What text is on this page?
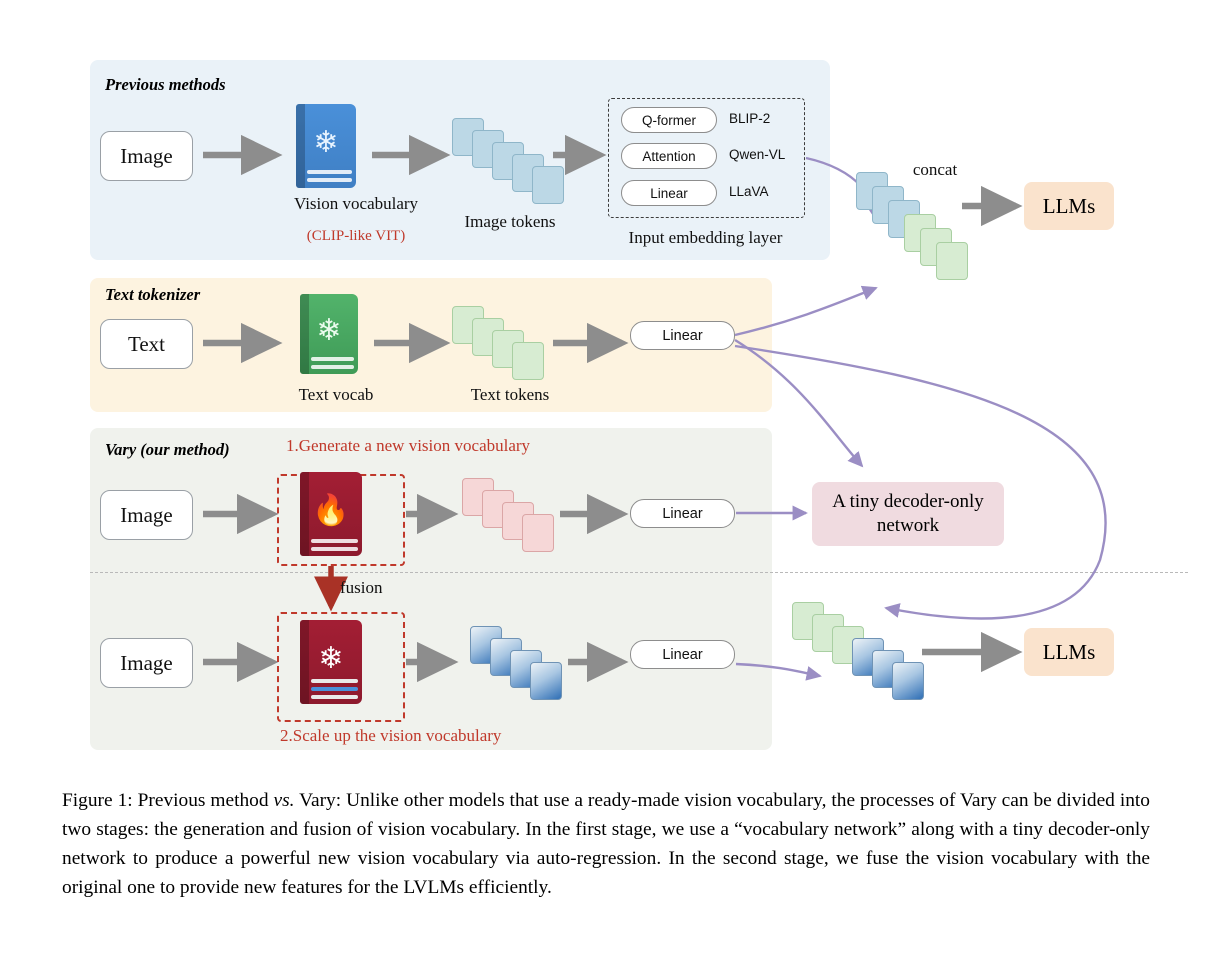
Previous methods
Text tokenizer
Vary (our method)
Image
Text
Image
Image
❄
❄
🔥
❄
Q-former
Attention
Linear
BLIP-2
Qwen-VL
LLaVA
Linear
Linear
Linear
Vision vocabulary
(CLIP-like VIT)
Image tokens
Input embedding layer
Text vocab	Text tokens
concat
fusion
1.Generate a new vision vocabulary
2.Scale up the vision vocabulary
LLMs
LLMs
A tiny decoder-only network
Figure 1: Previous method vs. Vary: Unlike other models that use a ready-made vision vocabulary, the processes of Vary can be divided into two stages: the generation and fusion of vision vocabulary. In the first stage, we use a “vocabulary network” along with a tiny decoder-only network to produce a powerful new vision vocabulary via auto-regression. In the second stage, we fuse the vision vocabulary with the original one to provide new features for the LVLMs efficiently.
